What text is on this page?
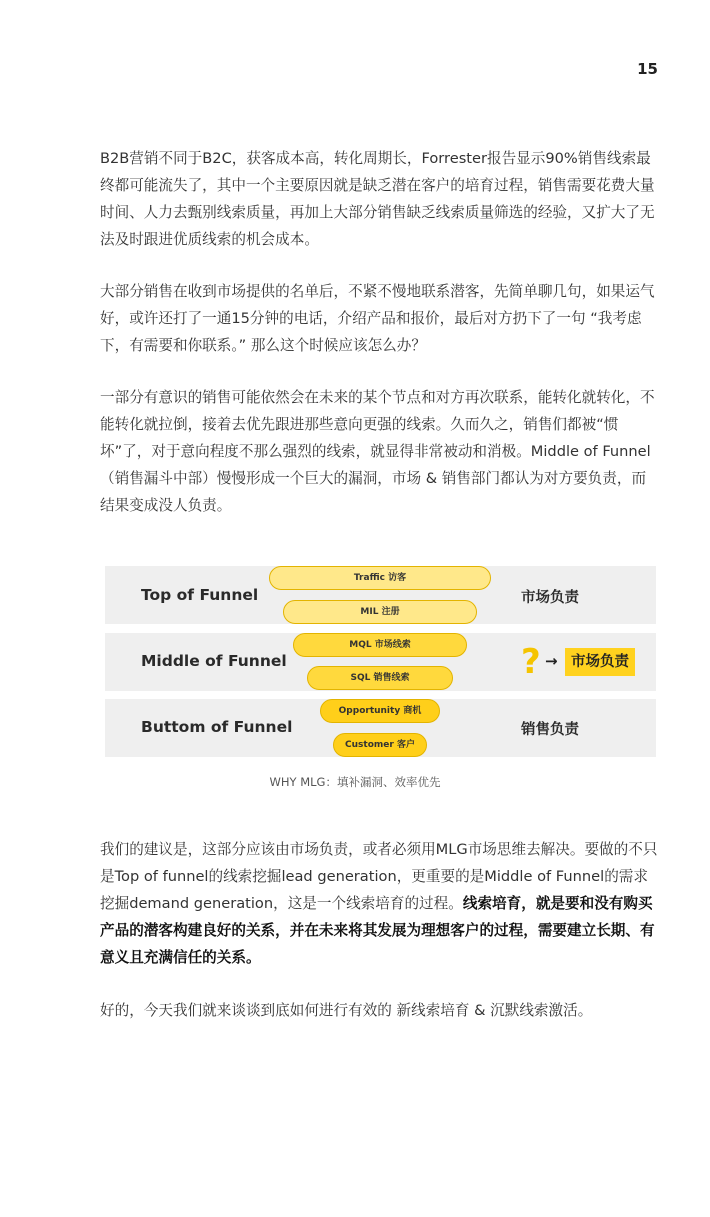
15

B2B营销不同于B2C，获客成本高，转化周期长，Forrester报告显示90%销售线索最终都可能流失了，其中一个主要原因就是缺乏潜在客户的培育过程，销售需要花费大量时间、人力去甄别线索质量，再加上大部分销售缺乏线索质量筛选的经验，又扩大了无法及时跟进优质线索的机会成本。

大部分销售在收到市场提供的名单后，不紧不慢地联系潜客，先简单聊几句，如果运气好，或许还打了一通15分钟的电话，介绍产品和报价，最后对方扔下了一句 “我考虑下，有需要和你联系。” 那么这个时候应该怎么办？

一部分有意识的销售可能依然会在未来的某个节点和对方再次联系，能转化就转化，不能转化就拉倒，接着去优先跟进那些意向更强的线索。久而久之，销售们都被“惯坏”了，对于意向程度不那么强烈的线索，就显得非常被动和消极。Middle of Funnel（销售漏斗中部）慢慢形成一个巨大的漏洞，市场 & 销售部门都认为对方要负责，而结果变成没人负责。

Top of Funnel
Middle of Funnel
Buttom of Funnel
Traffic 访客
MIL 注册
MQL 市场线索
SQL 销售线索
Opportunity 商机
Customer 客户
市场负责
? → 市场负责
销售负责
WHY MLG：填补漏洞、效率优先

我们的建议是，这部分应该由市场负责，或者必须用MLG市场思维去解决。要做的不只是Top of funnel的线索挖掘lead generation，更重要的是Middle of Funnel的需求挖掘demand generation，这是一个线索培育的过程。线索培育，就是要和没有购买产品的潜客构建良好的关系，并在未来将其发展为理想客户的过程，需要建立长期、有意义且充满信任的关系。

好的，今天我们就来谈谈到底如何进行有效的 新线索培育 & 沉默线索激活。
